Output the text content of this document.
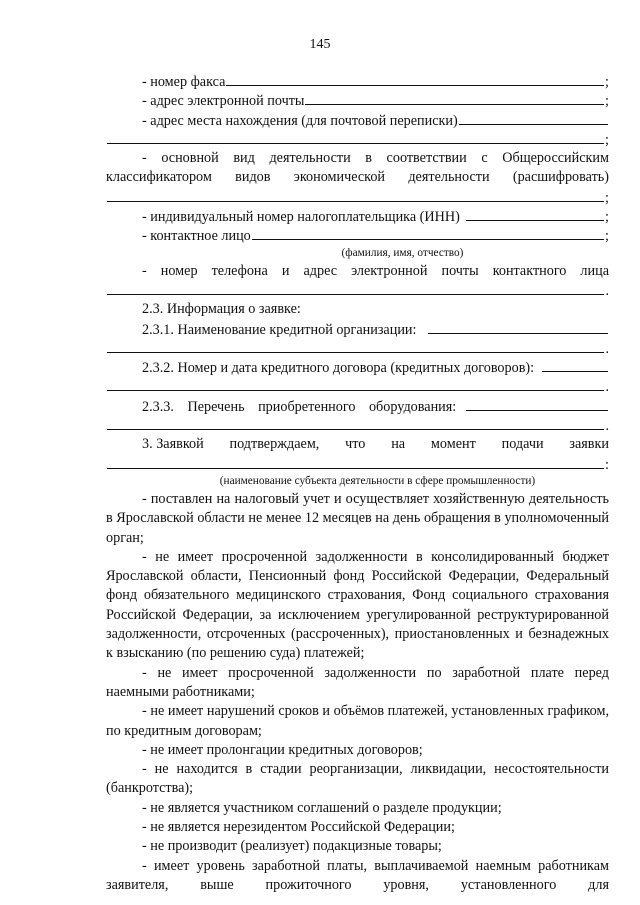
145
- номер факса	;
- адрес электронной почты	;
- адрес места нахождения (для почтовой переписки)
;
- основной вид деятельности в соответствии с Общероссийским
классификатором видов экономической деятельности (расшифровать)
;
- индивидуальный номер налогоплательщика (ИНН)	;
- контактное лицо	;
(фамилия, имя, отчество)
- номер телефона и адрес электронной почты контактного лица
.
2.3. Информация о заявке:
2.3.1. Наименование кредитной организации:
.
2.3.2. Номер и дата кредитного договора (кредитных договоров):
.
2.3.3. Перечень приобретенного оборудования:
.
3. Заявкой подтверждаем, что на момент подачи заявки
:
(наименование субъекта деятельности в сфере промышленности)

- поставлен на налоговый учет и осуществляет хозяйственную деятельность в Ярославской области не менее 12 месяцев на день обращения в уполномоченный орган;

- не имеет просроченной задолженности в консолидированный бюджет Ярославской области, Пенсионный фонд Российской Федерации, Федеральный фонд обязательного медицинского страхования, Фонд социального страхования Российской Федерации, за исключением урегулированной реструктурированной задолженности, отсроченных (рассроченных), приостановленных и безнадежных к взысканию (по решению суда) платежей;

- не имеет просроченной задолженности по заработной плате перед наемными работниками;

- не имеет нарушений сроков и объёмов платежей, установленных графиком, по кредитным договорам;

- не имеет пролонгации кредитных договоров;

- не находится в стадии реорганизации, ликвидации, несостоятельности (банкротства);

- не является участником соглашений о разделе продукции;

- не является нерезидентом Российской Федерации;

- не производит (реализует) подакцизные товары;

- имеет уровень заработной платы, выплачиваемой наемным работникам заявителя, выше прожиточного уровня, установленного для
